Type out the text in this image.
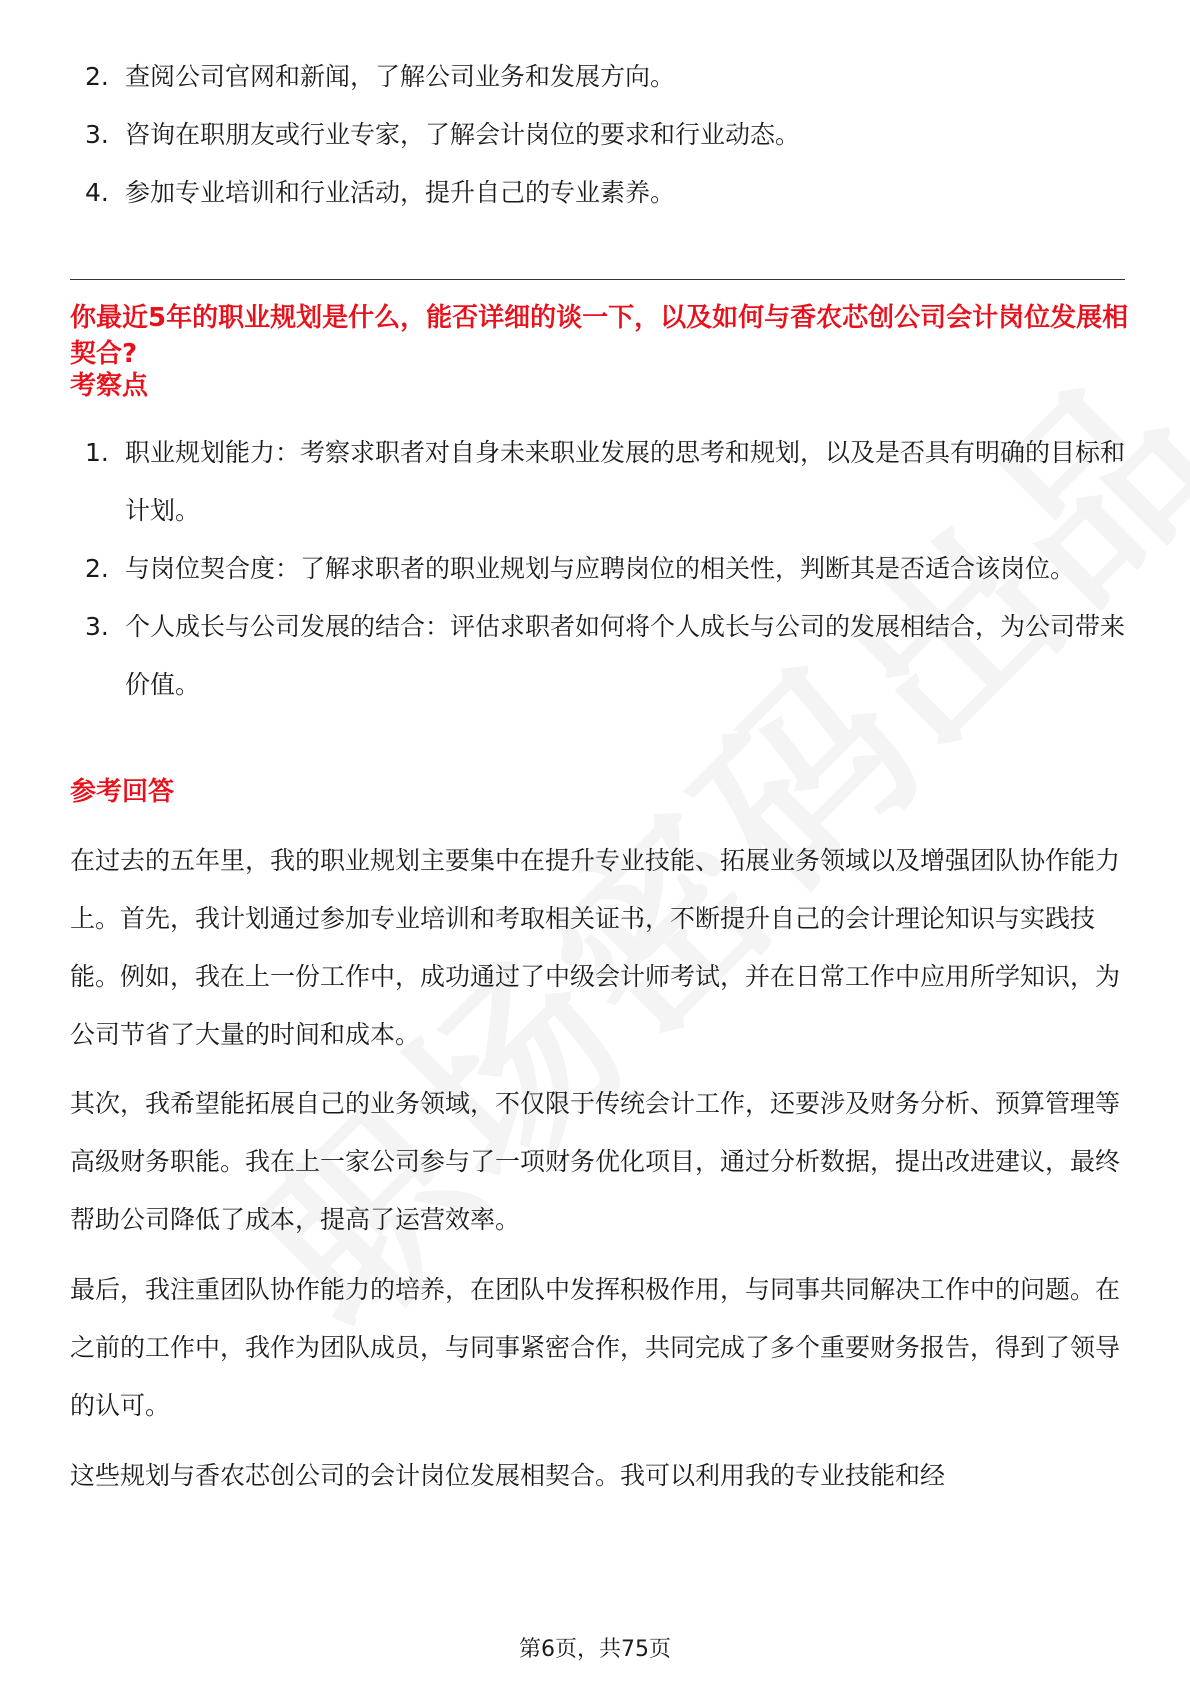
2. 查阅公司官网和新闻，了解公司业务和发展方向。
3. 咨询在职朋友或行业专家，了解会计岗位的要求和行业动态。
4. 参加专业培训和行业活动，提升自己的专业素养。
你最近5年的职业规划是什么，能否详细的谈一下，以及如何与香农芯创公司会计岗位发展相契合?
考察点
1. 职业规划能力：考察求职者对自身未来职业发展的思考和规划，以及是否具有明确的目标和计划。
2. 与岗位契合度：了解求职者的职业规划与应聘岗位的相关性，判断其是否适合该岗位。
3. 个人成长与公司发展的结合：评估求职者如何将个人成长与公司的发展相结合，为公司带来价值。
参考回答

在过去的五年里，我的职业规划主要集中在提升专业技能、拓展业务领域以及增强团队协作能力上。首先，我计划通过参加专业培训和考取相关证书，不断提升自己的会计理论知识与实践技能。例如，我在上一份工作中，成功通过了中级会计师考试，并在日常工作中应用所学知识，为公司节省了大量的时间和成本。

其次，我希望能拓展自己的业务领域，不仅限于传统会计工作，还要涉及财务分析、预算管理等高级财务职能。我在上一家公司参与了一项财务优化项目，通过分析数据，提出改进建议，最终帮助公司降低了成本，提高了运营效率。

最后，我注重团队协作能力的培养，在团队中发挥积极作用，与同事共同解决工作中的问题。在之前的工作中，我作为团队成员，与同事紧密合作，共同完成了多个重要财务报告，得到了领导的认可。

这些规划与香农芯创公司的会计岗位发展相契合。我可以利用我的专业技能和经

第6页，共75页
